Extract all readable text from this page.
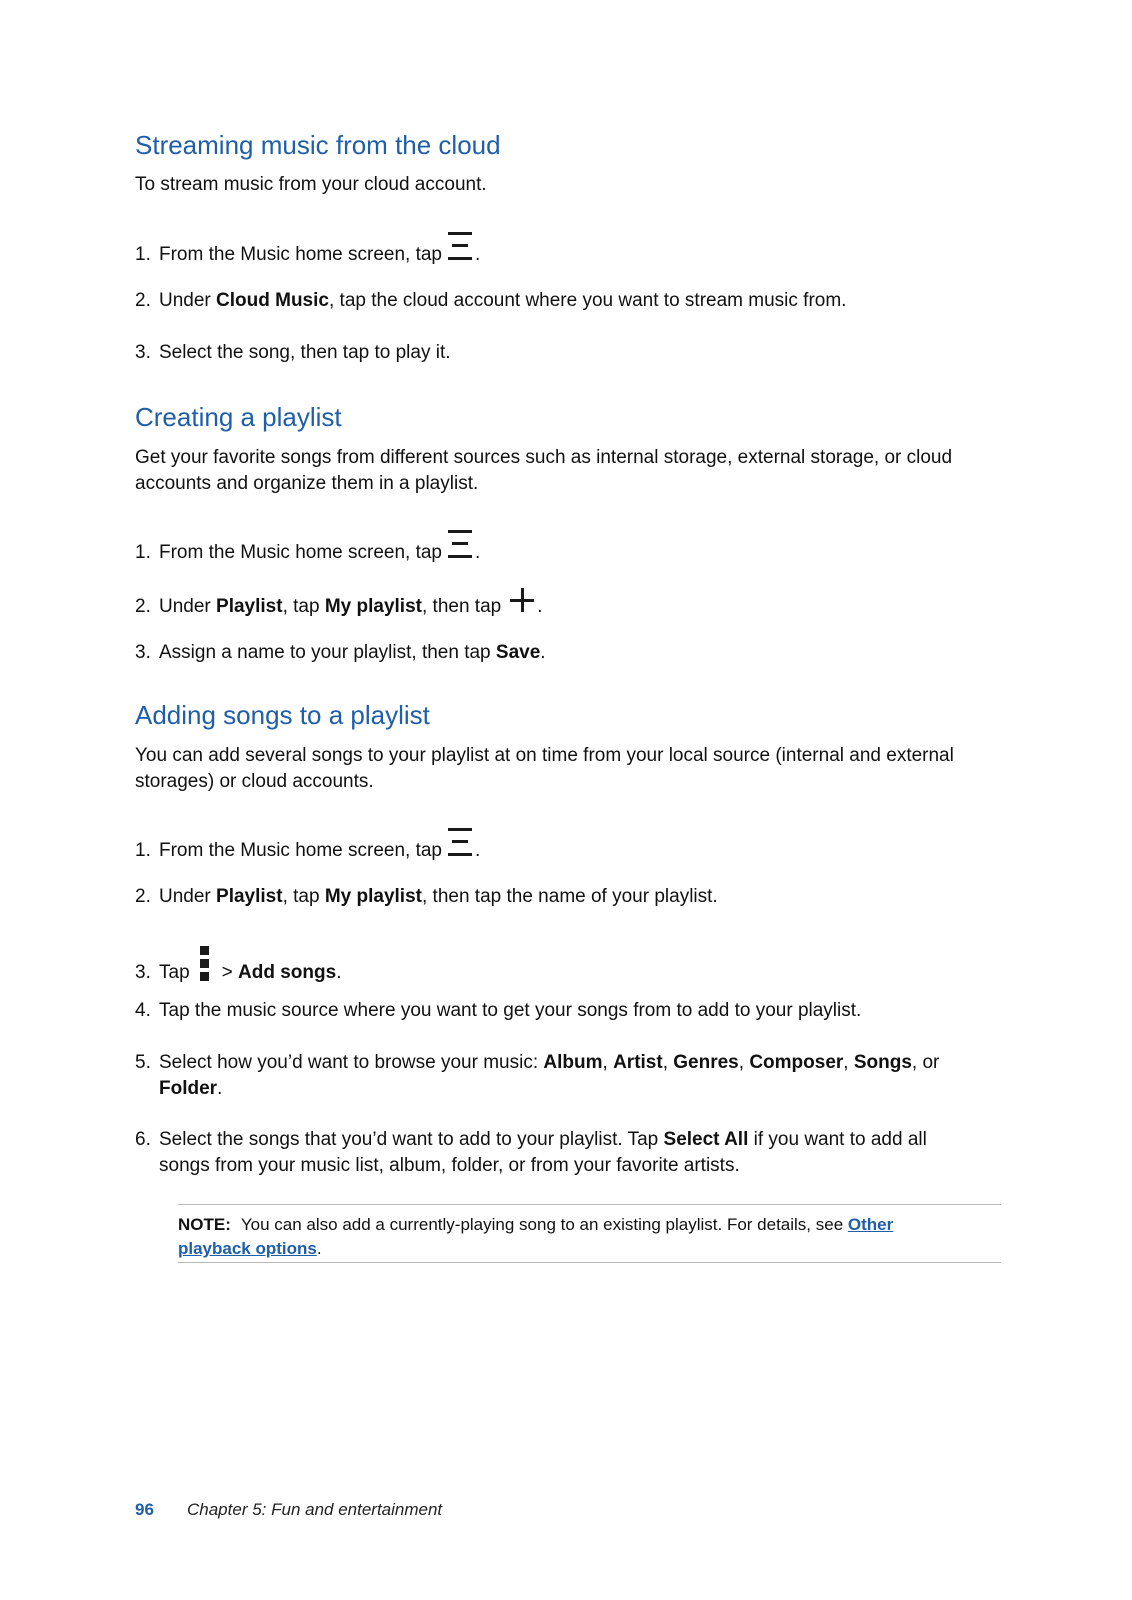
Streaming music from the cloud
To stream music from your cloud account.
1. From the Music home screen, tap .
2. Under Cloud Music, tap the cloud account where you want to stream music from.
3. Select the song, then tap to play it.
Creating a playlist
Get your favorite songs from different sources such as internal storage, external storage, or cloud
accounts and organize them in a playlist.
1. From the Music home screen, tap .
2. Under Playlist, tap My playlist, then tap .
3. Assign a name to your playlist, then tap Save.
Adding songs to a playlist
You can add several songs to your playlist at on time from your local source (internal and external
storages) or cloud accounts.
1. From the Music home screen, tap .
2. Under Playlist, tap My playlist, then tap the name of your playlist.
3. Tap > Add songs.
4. Tap the music source where you want to get your songs from to add to your playlist.
5. Select how you’d want to browse your music: Album, Artist, Genres, Composer, Songs, or
Folder.
6. Select the songs that you’d want to add to your playlist. Tap Select All if you want to add all
songs from your music list, album, folder, or from your favorite artists.
NOTE: You can also add a currently-playing song to an existing playlist. For details, see Other
playback options.
96 Chapter 5: Fun and entertainment
